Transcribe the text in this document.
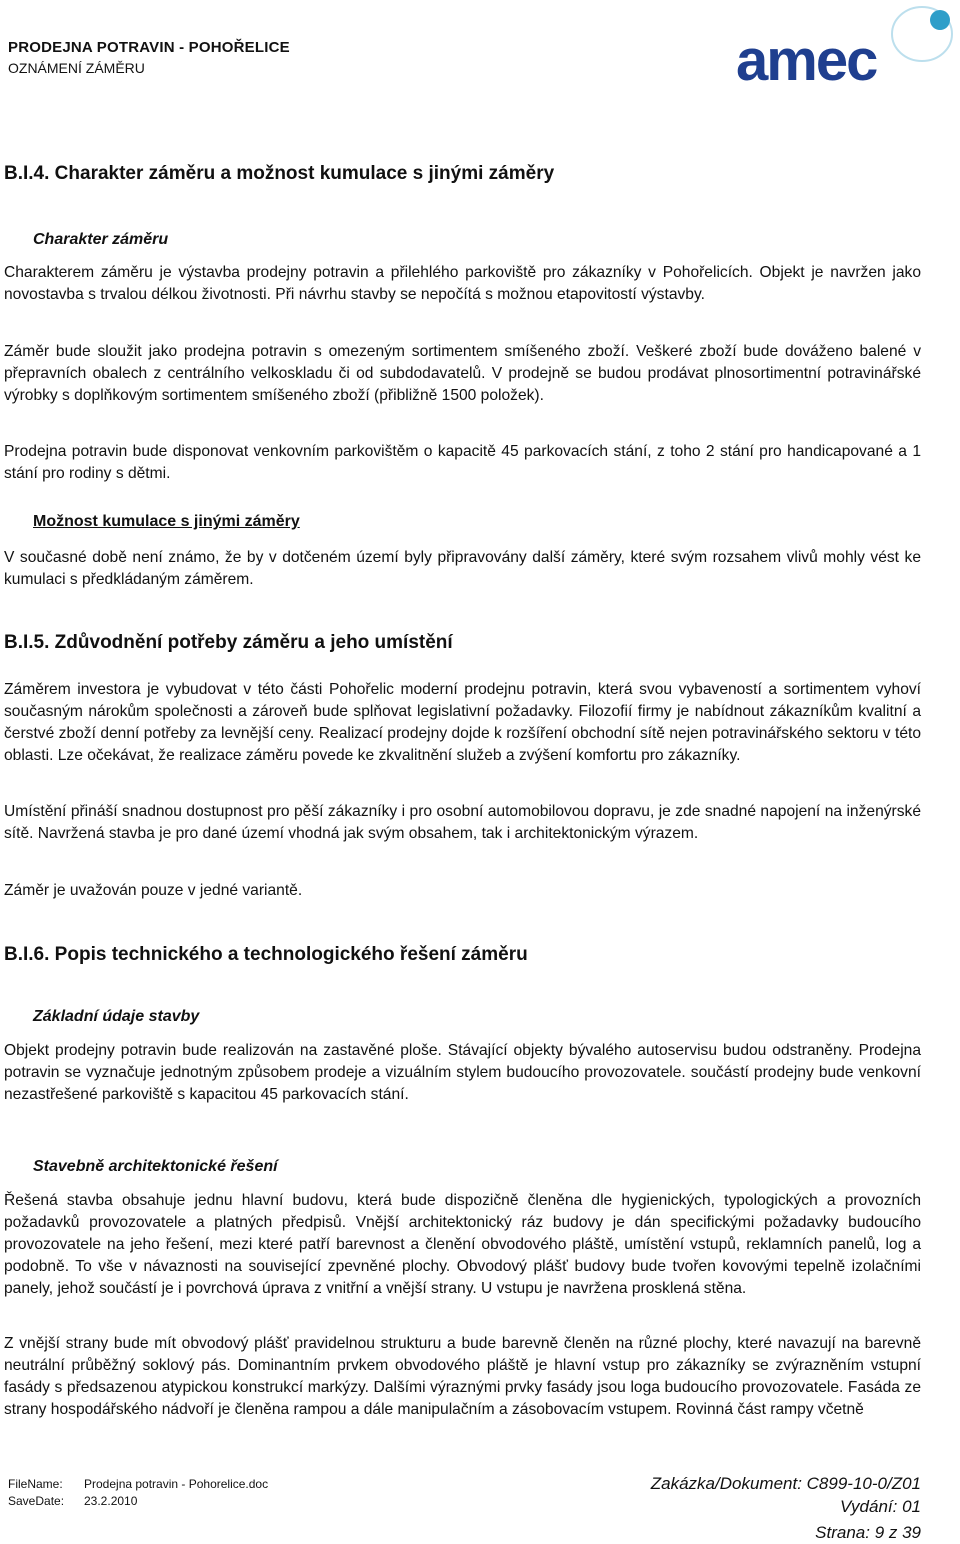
PRODEJNA POTRAVIN - POHOŘELICE
OZNÁMENÍ ZÁMĚRU	amec
B.I.4. Charakter záměru a možnost kumulace s jinými záměry
Charakter záměru
Charakterem záměru je výstavba prodejny potravin a přilehlého parkoviště pro zákazníky v Pohořelicích. Objekt je navržen jako novostavba s trvalou délkou životnosti. Při návrhu stavby se nepočítá s možnou etapovitostí výstavby.
Záměr bude sloužit jako prodejna potravin s omezeným sortimentem smíšeného zboží. Veškeré zboží bude dováženo balené v přepravních obalech z centrálního velkoskladu či od subdodavatelů. V prodejně se budou prodávat plnosortimentní potravinářské výrobky s doplňkovým sortimentem smíšeného zboží (přibližně 1500 položek).
Prodejna potravin bude disponovat venkovním parkovištěm o kapacitě 45 parkovacích stání, z toho 2 stání pro handicapované a 1 stání pro rodiny s dětmi.
Možnost kumulace s jinými záměry
V současné době není známo, že by v dotčeném území byly připravovány další záměry, které svým rozsahem vlivů mohly vést ke kumulaci s předkládaným záměrem.
B.I.5. Zdůvodnění potřeby záměru a jeho umístění
Záměrem investora je vybudovat v této části Pohořelic moderní prodejnu potravin, která svou vybaveností a sortimentem vyhoví současným nárokům společnosti a zároveň bude splňovat legislativní požadavky. Filozofií firmy je nabídnout zákazníkům kvalitní a čerstvé zboží denní potřeby za levnější ceny. Realizací prodejny dojde k rozšíření obchodní sítě nejen potravinářského sektoru v této oblasti. Lze očekávat, že realizace záměru povede ke zkvalitnění služeb a zvýšení komfortu pro zákazníky.
Umístění přináší snadnou dostupnost pro pěší zákazníky i pro osobní automobilovou dopravu, je zde snadné napojení na inženýrské sítě. Navržená stavba je pro dané území vhodná jak svým obsahem, tak i architektonickým výrazem.
Záměr je uvažován pouze v jedné variantě.
B.I.6. Popis technického a technologického řešení záměru
Základní údaje stavby
Objekt prodejny potravin bude realizován na zastavěné ploše. Stávající objekty bývalého autoservisu budou odstraněny. Prodejna potravin se vyznačuje jednotným způsobem prodeje a vizuálním stylem budoucího provozovatele. součástí prodejny bude venkovní nezastřešené parkoviště s kapacitou 45 parkovacích stání.
Stavebně architektonické řešení
Řešená stavba obsahuje jednu hlavní budovu, která bude dispozičně členěna dle hygienických, typologických a provozních požadavků provozovatele a platných předpisů. Vnější architektonický ráz budovy je dán specifickými požadavky budoucího provozovatele na jeho řešení, mezi které patří barevnost a členění obvodového pláště, umístění vstupů, reklamních panelů, log a podobně. To vše v návaznosti na související zpevněné plochy. Obvodový plášť budovy bude tvořen kovovými tepelně izolačními panely, jehož součástí je i povrchová úprava z vnitřní a vnější strany. U vstupu je navržena prosklená stěna.
Z vnější strany bude mít obvodový plášť pravidelnou strukturu a bude barevně členěn na různé plochy, které navazují na barevně neutrální průběžný soklový pás. Dominantním prvkem obvodového pláště je hlavní vstup pro zákazníky se zvýrazněním vstupní fasády s předsazenou atypickou konstrukcí markýzy. Dalšími výraznými prvky fasády jsou loga budoucího provozovatele. Fasáda ze strany hospodářského nádvoří je členěna rampou a dále manipulačním a zásobovacím vstupem. Rovinná část rampy včetně
FileName: Prodejna potravin - Pohorelice.doc
SaveDate: 23.2.2010
Zakázka/Dokument: C899-10-0/Z01
Vydání: 01
Strana: 9 z 39
